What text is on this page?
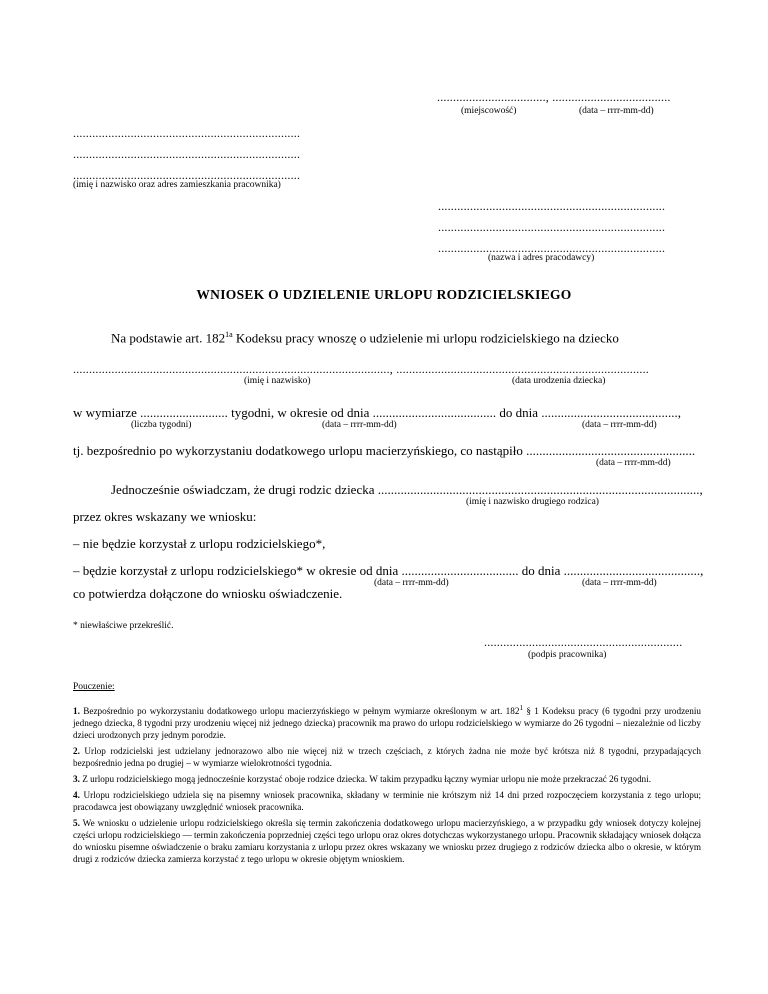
.................................., .....................................
(miejscowość)	(data – rrrr-mm-dd)
.......................................................................
.......................................................................
.......................................................................
(imię i nazwisko oraz adres zamieszkania pracownika)
.......................................................................
.......................................................................
.......................................................................
(nazwa i adres pracodawcy)
WNIOSEK O UDZIELENIE URLOPU RODZICIELSKIEGO
Na podstawie art. $182^{1a}$ Kodeksu pracy wnoszę o udzielenie mi urlopu rodzicielskiego na dziecko
..................................................................................................., ...............................................................................
(imię i nazwisko)	(data urodzenia dziecka)
w wymiarze ........................... tygodni, w okresie od dnia ...................................... do dnia ..........................................,
(liczba tygodni)	(data – rrrr-mm-dd)	(data – rrrr-mm-dd)
tj. bezpośrednio po wykorzystaniu dodatkowego urlopu macierzyńskiego, co nastąpiło ....................................................
(data – rrrr-mm-dd)
Jednocześnie oświadczam, że drugi rodzic dziecka ...................................................................................................,
(imię i nazwisko drugiego rodzica)
przez okres wskazany we wniosku:
– nie będzie korzystał z urlopu rodzicielskiego*,
– będzie korzystał z urlopu rodzicielskiego* w okresie od dnia .................................... do dnia ..........................................,
(data – rrrr-mm-dd)	(data – rrrr-mm-dd)
co potwierdza dołączone do wniosku oświadczenie.
* niewłaściwe przekreślić.
..............................................................
(podpis pracownika)
Pouczenie:

1. Bezpośrednio po wykorzystaniu dodatkowego urlopu macierzyńskiego w pełnym wymiarze określonym w art. $182^1$ § 1 Kodeksu pracy (6 tygodni przy urodzeniu jednego dziecka, 8 tygodni przy urodzeniu więcej niż jednego dziecka) pracownik ma prawo do urlopu rodzicielskiego w wymiarze do 26 tygodni – niezależnie od liczby dzieci urodzonych przy jednym porodzie.

2. Urlop rodzicielski jest udzielany jednorazowo albo nie więcej niż w trzech częściach, z których żadna nie może być krótsza niż 8 tygodni, przypadających bezpośrednio jedna po drugiej – w wymiarze wielokrotności tygodnia.

3. Z urlopu rodzicielskiego mogą jednocześnie korzystać oboje rodzice dziecka. W takim przypadku łączny wymiar urlopu nie może przekraczać 26 tygodni.

4. Urlopu rodzicielskiego udziela się na pisemny wniosek pracownika, składany w terminie nie krótszym niż 14 dni przed rozpoczęciem korzystania z tego urlopu; pracodawca jest obowiązany uwzględnić wniosek pracownika.

5. We wniosku o udzielenie urlopu rodzicielskiego określa się termin zakończenia dodatkowego urlopu macierzyńskiego, a w przypadku gdy wniosek dotyczy kolejnej części urlopu rodzicielskiego — termin zakończenia poprzedniej części tego urlopu oraz okres dotychczas wykorzystanego urlopu. Pracownik składający wniosek dołącza do wniosku pisemne oświadczenie o braku zamiaru korzystania z urlopu przez okres wskazany we wniosku przez drugiego z rodziców dziecka albo o okresie, w którym drugi z rodziców dziecka zamierza korzystać z tego urlopu w okresie objętym wnioskiem.
